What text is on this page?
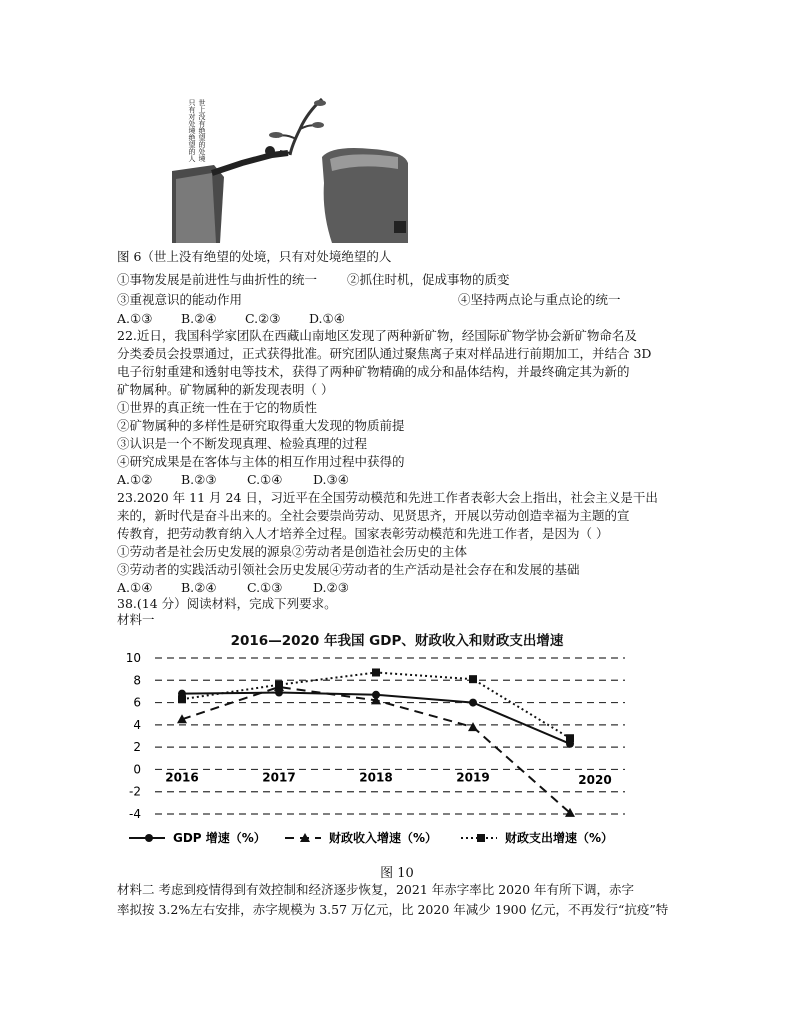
世上没有绝望的处境
只有对处境绝望的人
图 6（世上没有绝望的处境，只有对处境绝望的人
①事物发展是前进性与曲折性的统一 ②抓住时机，促成事物的质变
③重视意识的能动作用	④坚持两点论与重点论的统一
A.①③ B.②④ C.②③ D.①④
22.近日，我国科学家团队在西藏山南地区发现了两种新矿物，经国际矿物学协会新矿物命名及
分类委员会投票通过，正式获得批准。研究团队通过聚焦离子束对样品进行前期加工，并结合 3D
电子衍射重建和透射电等技术，获得了两种矿物精确的成分和晶体结构，并最终确定其为新的
矿物属种。矿物属种的新发现表明（ ）
①世界的真正统一性在于它的物质性
②矿物属种的多样性是研究取得重大发现的物质前提
③认识是一个不断发现真理、检验真理的过程
④研究成果是在客体与主体的相互作用过程中获得的
A.①② B.②③ C.①④ D.③④
23.2020 年 11 月 24 日，习近平在全国劳动模范和先进工作者表彰大会上指出，社会主义是干出
来的，新时代是奋斗出来的。全社会要崇尚劳动、见贤思齐，开展以劳动创造幸福为主题的宣
传教育，把劳动教育纳入人才培养全过程。国家表彰劳动模范和先进工作者，是因为（ ）
①劳动者是社会历史发展的源泉②劳动者是创造社会历史的主体
③劳动者的实践活动引领社会历史发展④劳动者的生产活动是社会存在和发展的基础
A.①④ B.②④ C.①③ D.②③
38.(14 分）阅读材料，完成下列要求。
材料一
2016—2020 年我国 GDP、财政收入和财政支出增速
10
8
6
4
2
0
-2
-4
2016	2017	2018	2019	2020
GDP 增速（%）	财政收入增速（%）	财政支出增速（%）
图 10
材料二 考虑到疫情得到有效控制和经济逐步恢复，2021 年赤字率比 2020 年有所下调，赤字
率拟按 3.2%左右安排，赤字规模为 3.57 万亿元，比 2020 年减少 1900 亿元，不再发行“抗疫”特
